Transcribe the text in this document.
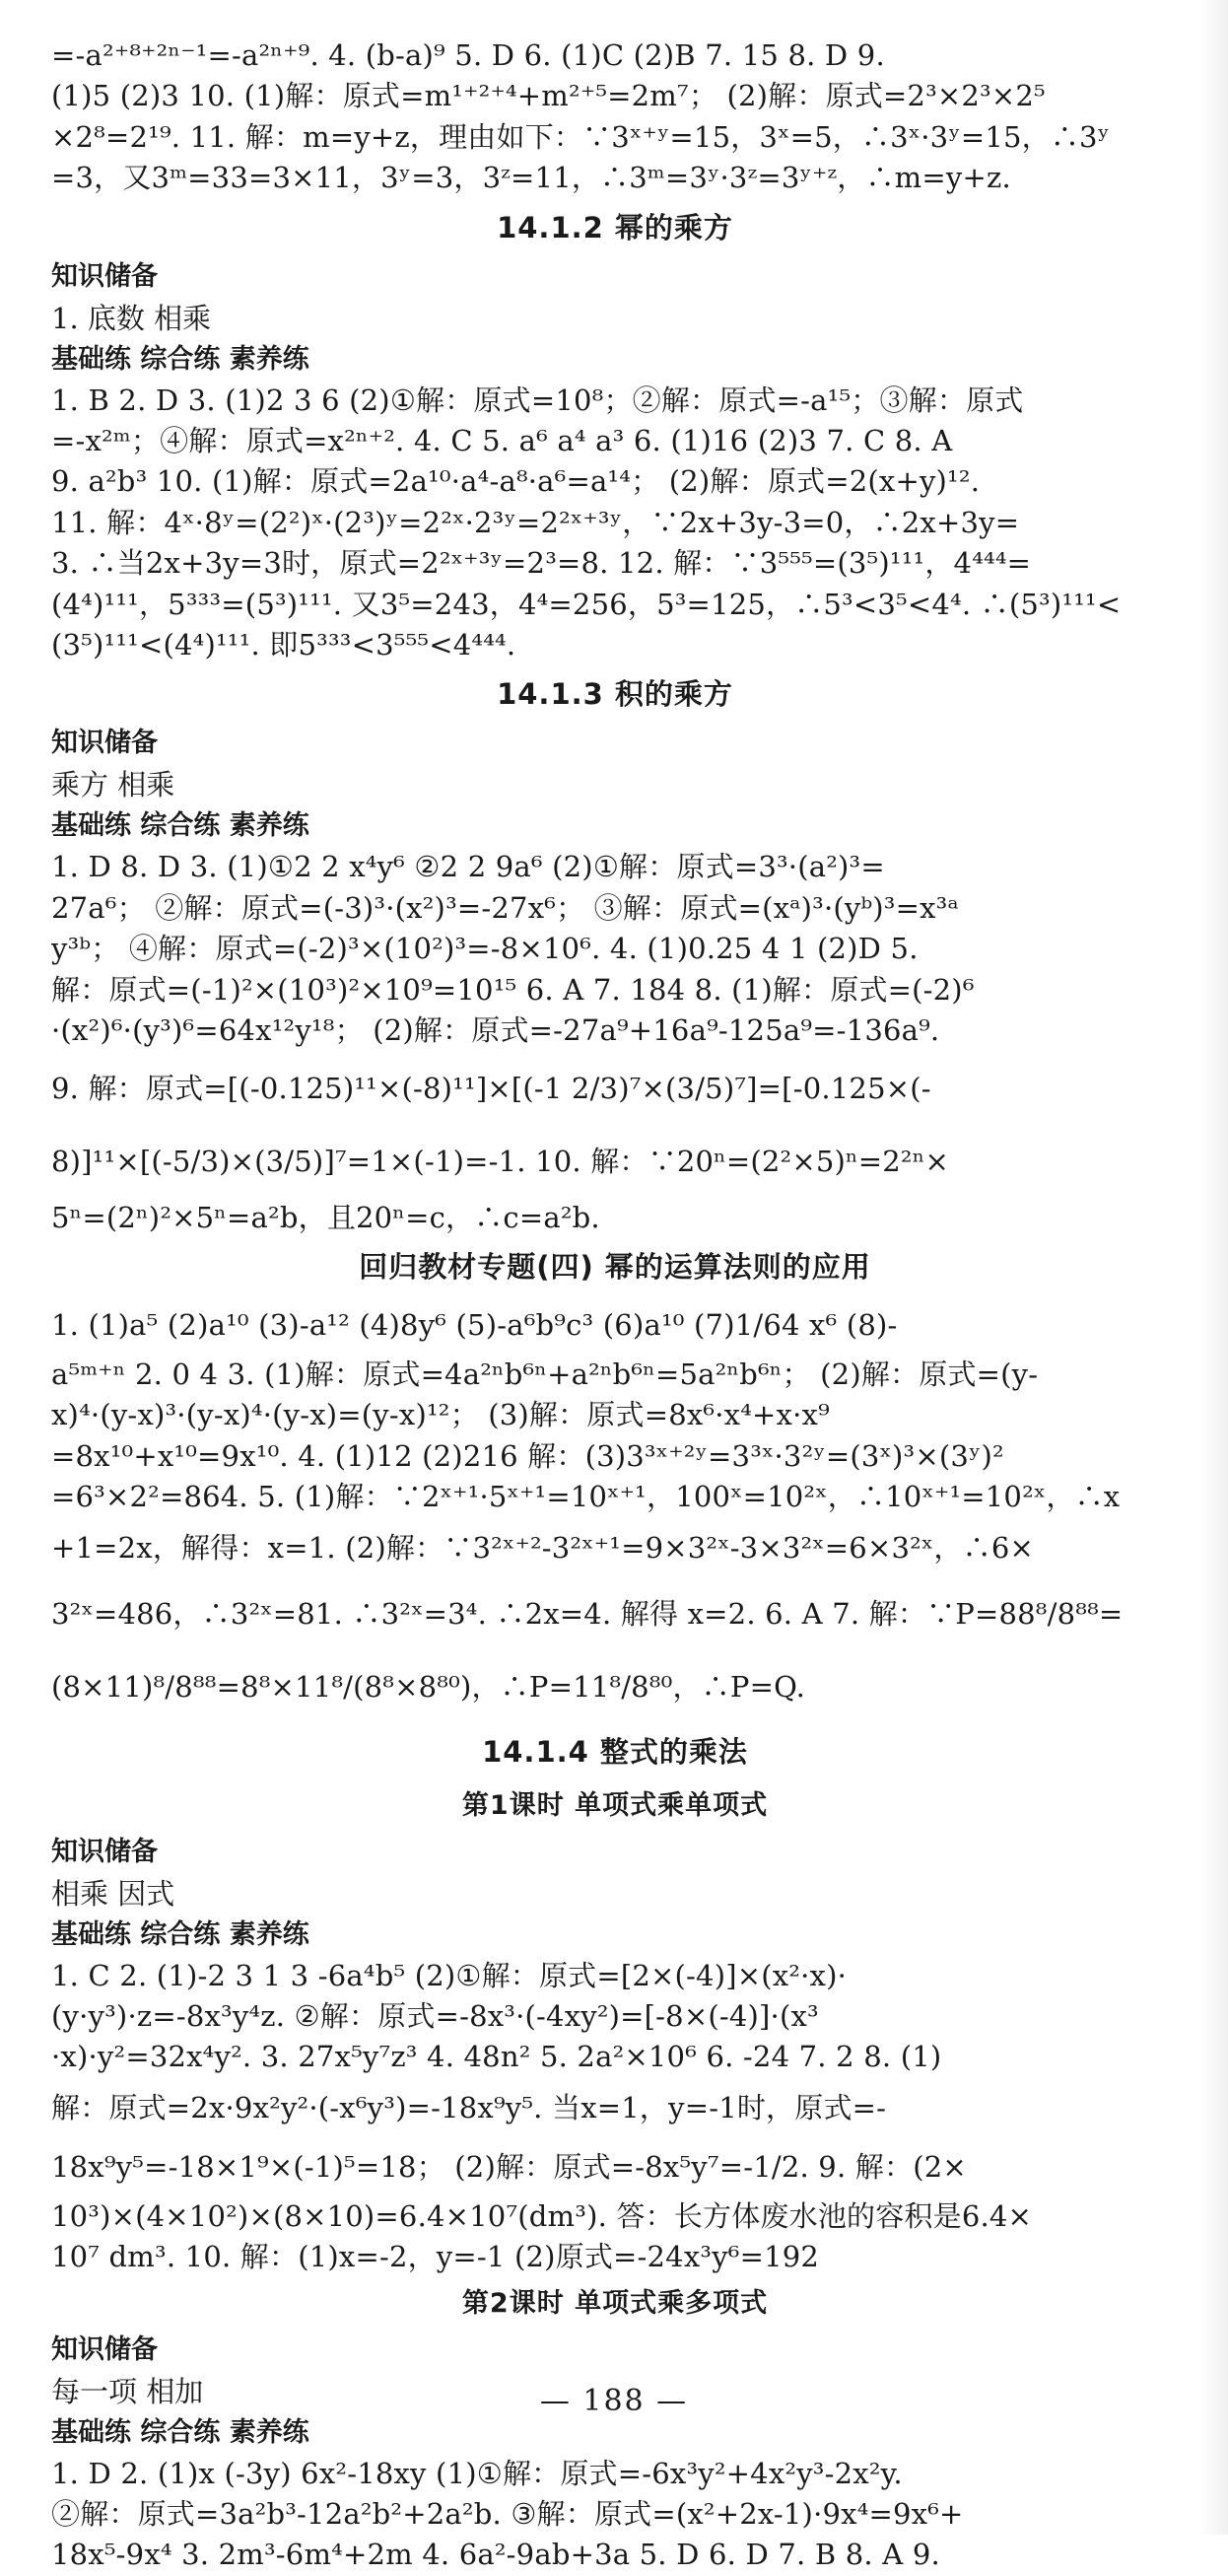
=-a²⁺⁸⁺²ⁿ⁻¹=-a²ⁿ⁺⁹. 4. (b-a)⁹ 5. D 6. (1)C (2)B 7. 15 8. D 9.
(1)5 (2)3 10. (1)解：原式=m¹⁺²⁺⁴+m²⁺⁵=2m⁷； (2)解：原式=2³×2³×2⁵
×2⁸=2¹⁹. 11. 解：m=y+z，理由如下：∵3ˣ⁺ʸ=15，3ˣ=5，∴3ˣ·3ʸ=15，∴3ʸ
=3，又3ᵐ=33=3×11，3ʸ=3，3ᶻ=11，∴3ᵐ=3ʸ·3ᶻ=3ʸ⁺ᶻ，∴m=y+z.
14.1.2 幂的乘方
知识储备
1. 底数 相乘
基础练 综合练 素养练
1. B 2. D 3. (1)2 3 6 (2)①解：原式=10⁸；②解：原式=-a¹⁵；③解：原式
=-x²ᵐ；④解：原式=x²ⁿ⁺². 4. C 5. a⁶ a⁴ a³ 6. (1)16 (2)3 7. C 8. A
9. a²b³ 10. (1)解：原式=2a¹⁰·a⁴-a⁸·a⁶=a¹⁴； (2)解：原式=2(x+y)¹².
11. 解：4ˣ·8ʸ=(2²)ˣ·(2³)ʸ=2²ˣ·2³ʸ=2²ˣ⁺³ʸ，∵2x+3y-3=0，∴2x+3y=
3. ∴当2x+3y=3时，原式=2²ˣ⁺³ʸ=2³=8. 12. 解：∵3⁵⁵⁵=(3⁵)¹¹¹，4⁴⁴⁴=
(4⁴)¹¹¹，5³³³=(5³)¹¹¹. 又3⁵=243，4⁴=256，5³=125，∴5³<3⁵<4⁴. ∴(5³)¹¹¹<
(3⁵)¹¹¹<(4⁴)¹¹¹. 即5³³³<3⁵⁵⁵<4⁴⁴⁴.
14.1.3 积的乘方
知识储备
乘方 相乘
基础练 综合练 素养练
1. D 8. D 3. (1)①2 2 x⁴y⁶ ②2 2 9a⁶ (2)①解：原式=3³·(a²)³=
27a⁶； ②解：原式=(-3)³·(x²)³=-27x⁶； ③解：原式=(xᵃ)³·(yᵇ)³=x³ᵃ
y³ᵇ； ④解：原式=(-2)³×(10²)³=-8×10⁶. 4. (1)0.25 4 1 (2)D 5.
解：原式=(-1)²×(10³)²×10⁹=10¹⁵ 6. A 7. 184 8. (1)解：原式=(-2)⁶
·(x²)⁶·(y³)⁶=64x¹²y¹⁸； (2)解：原式=-27a⁹+16a⁹-125a⁹=-136a⁹.
9. 解：原式=[(-0.125)¹¹×(-8)¹¹]×[(-1 2/3)⁷×(3/5)⁷]=[-0.125×(-
8)]¹¹×[(-5/3)×(3/5)]⁷=1×(-1)=-1. 10. 解：∵20ⁿ=(2²×5)ⁿ=2²ⁿ×
5ⁿ=(2ⁿ)²×5ⁿ=a²b，且20ⁿ=c，∴c=a²b.
回归教材专题(四) 幂的运算法则的应用
1. (1)a⁵ (2)a¹⁰ (3)-a¹² (4)8y⁶ (5)-a⁶b⁹c³ (6)a¹⁰ (7)1/64 x⁶ (8)-
a⁵ᵐ⁺ⁿ 2. 0 4 3. (1)解：原式=4a²ⁿb⁶ⁿ+a²ⁿb⁶ⁿ=5a²ⁿb⁶ⁿ； (2)解：原式=(y-
x)⁴·(y-x)³·(y-x)⁴·(y-x)=(y-x)¹²； (3)解：原式=8x⁶·x⁴+x·x⁹
=8x¹⁰+x¹⁰=9x¹⁰. 4. (1)12 (2)216 解：(3)3³ˣ⁺²ʸ=3³ˣ·3²ʸ=(3ˣ)³×(3ʸ)²
=6³×2²=864. 5. (1)解：∵2ˣ⁺¹·5ˣ⁺¹=10ˣ⁺¹，100ˣ=10²ˣ，∴10ˣ⁺¹=10²ˣ，∴x
+1=2x，解得：x=1. (2)解：∵3²ˣ⁺²-3²ˣ⁺¹=9×3²ˣ-3×3²ˣ=6×3²ˣ，∴6×
3²ˣ=486，∴3²ˣ=81. ∴3²ˣ=3⁴. ∴2x=4. 解得 x=2. 6. A 7. 解：∵P=88⁸/8⁸⁸=
(8×11)⁸/8⁸⁸=8⁸×11⁸/(8⁸×8⁸⁰)，∴P=11⁸/8⁸⁰，∴P=Q.
14.1.4 整式的乘法
第1课时 单项式乘单项式
知识储备
相乘 因式
基础练 综合练 素养练
1. C 2. (1)-2 3 1 3 -6a⁴b⁵ (2)①解：原式=[2×(-4)]×(x²·x)·
(y·y³)·z=-8x³y⁴z. ②解：原式=-8x³·(-4xy²)=[-8×(-4)]·(x³
·x)·y²=32x⁴y². 3. 27x⁵y⁷z³ 4. 48n² 5. 2a²×10⁶ 6. -24 7. 2 8. (1)
解：原式=2x·9x²y²·(-x⁶y³)=-18x⁹y⁵. 当x=1，y=-1时，原式=-
18x⁹y⁵=-18×1⁹×(-1)⁵=18； (2)解：原式=-8x⁵y⁷=-1/2. 9. 解：(2×
10³)×(4×10²)×(8×10)=6.4×10⁷(dm³). 答：长方体废水池的容积是6.4×
10⁷ dm³. 10. 解：(1)x=-2，y=-1 (2)原式=-24x³y⁶=192
第2课时 单项式乘多项式
知识储备
每一项 相加
基础练 综合练 素养练
1. D 2. (1)x (-3y) 6x²-18xy (1)①解：原式=-6x³y²+4x²y³-2x²y.
②解：原式=3a²b³-12a²b²+2a²b. ③解：原式=(x²+2x-1)·9x⁴=9x⁶+
18x⁵-9x⁴ 3. 2m³-6m⁴+2m 4. 6a²-9ab+3a 5. D 6. D 7. B 8. A 9.
— 188 —
